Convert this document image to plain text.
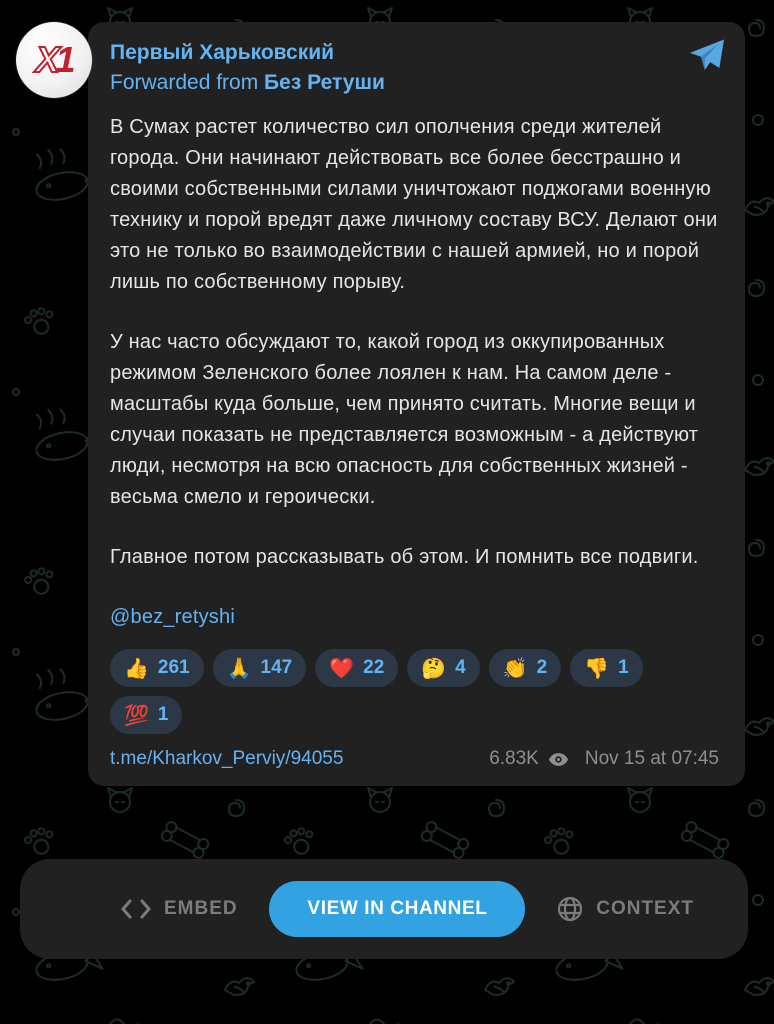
X 1 Первый Харьковский
Forwarded from Без Ретуши

В Сумах растет количество сил ополчения среди жителей города. Они начинают действовать все более бесстрашно и своими собственными силами уничтожают поджогами военную технику и порой вредят даже личному составу ВСУ. Делают они это не только во взаимодействии с нашей армией, но и порой лишь по собственному порыву.

У нас часто обсуждают то, какой город из оккупированных режимом Зеленского более лоялен к нам. На самом деле - масштабы куда больше, чем принято считать. Многие вещи и случаи показать не представляется возможным - а действуют люди, несмотря на всю опасность для собственных жизней - весьма смело и героически.

Главное потом рассказывать об этом. И помнить все подвиги.

@bez_retyshi

👍 261 🙏 147 ❤️ 22 🤔 4 👏 2 👎 1
💯 1
t.me/Kharkov_Perviy/94055	6.83K Nov 15 at 07:45
EMBED	VIEW IN CHANNEL	CONTEXT
